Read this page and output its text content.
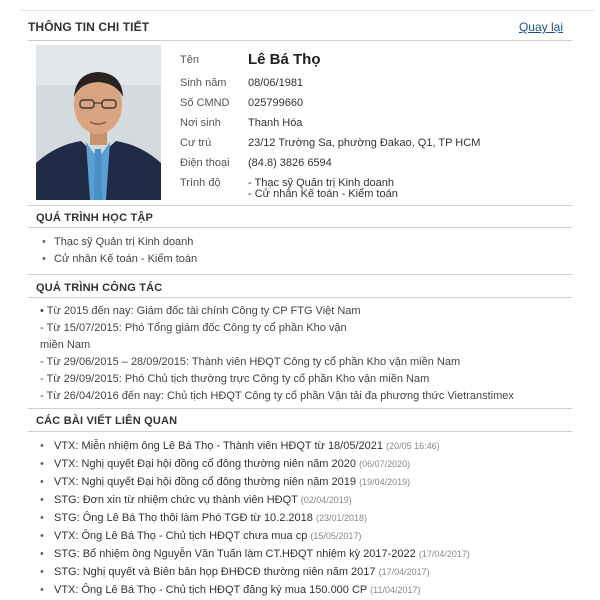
THÔNG TIN CHI TIẾT	Quay lại
Tên	Lê Bá Thọ
Sinh năm 08/06/1981
Số CMND 025799660
Nơi sinh Thanh Hóa
Cư trú	23/12 Trường Sa, phường Đakao, Q1, TP HCM
Điện thoại (84.8) 3826 6594
Trình độ - Thạc sỹ Quản trị Kinh doanh
- Cử nhân Kế toán - Kiểm toán
QUÁ TRÌNH HỌC TẬP
• Thạc sỹ Quản trị Kinh doanh
• Cử nhân Kế toán - Kiểm toán
QUÁ TRÌNH CÔNG TÁC
• Từ 2015 đến nay: Giám đốc tài chính Công ty CP FTG Việt Nam
- Từ 15/07/2015: Phó Tổng giám đốc Công ty cổ phần Kho vận
miền Nam
- Từ 29/06/2015 – 28/09/2015: Thành viên HĐQT Công ty cổ phần Kho vận miền Nam
- Từ 29/09/2015: Phó Chủ tịch thường trực Công ty cổ phần Kho vận miền Nam
- Từ 26/04/2016 đến nay: Chủ tịch HĐQT Công ty cổ phần Vận tải đa phương thức Vietranstimex
CÁC BÀI VIẾT LIÊN QUAN
• VTX: Miễn nhiệm ông Lê Bá Thọ - Thành viên HĐQT từ 18/05/2021 (20/05 16:46)
• VTX: Nghị quyết Đại hội đồng cổ đông thường niên năm 2020 (06/07/2020)
• VTX: Nghị quyết Đại hội đồng cổ đông thường niên năm 2019 (19/04/2019)
• STG: Đơn xin từ nhiệm chức vụ thành viên HĐQT (02/04/2019)
• STG: Ông Lê Bá Thọ thôi làm Phó TGĐ từ 10.2.2018 (23/01/2018)
• VTX: Ông Lê Bá Thọ - Chủ tịch HĐQT chưa mua cp (15/05/2017)
• STG: Bổ nhiệm ông Nguyễn Văn Tuấn làm CT.HĐQT nhiệm kỳ 2017-2022 (17/04/2017)
• STG: Nghị quyết và Biên bản họp ĐHĐCĐ thường niên năm 2017 (17/04/2017)
• VTX: Ông Lê Bá Thọ - Chủ tịch HĐQT đăng ký mua 150.000 CP (11/04/2017)
